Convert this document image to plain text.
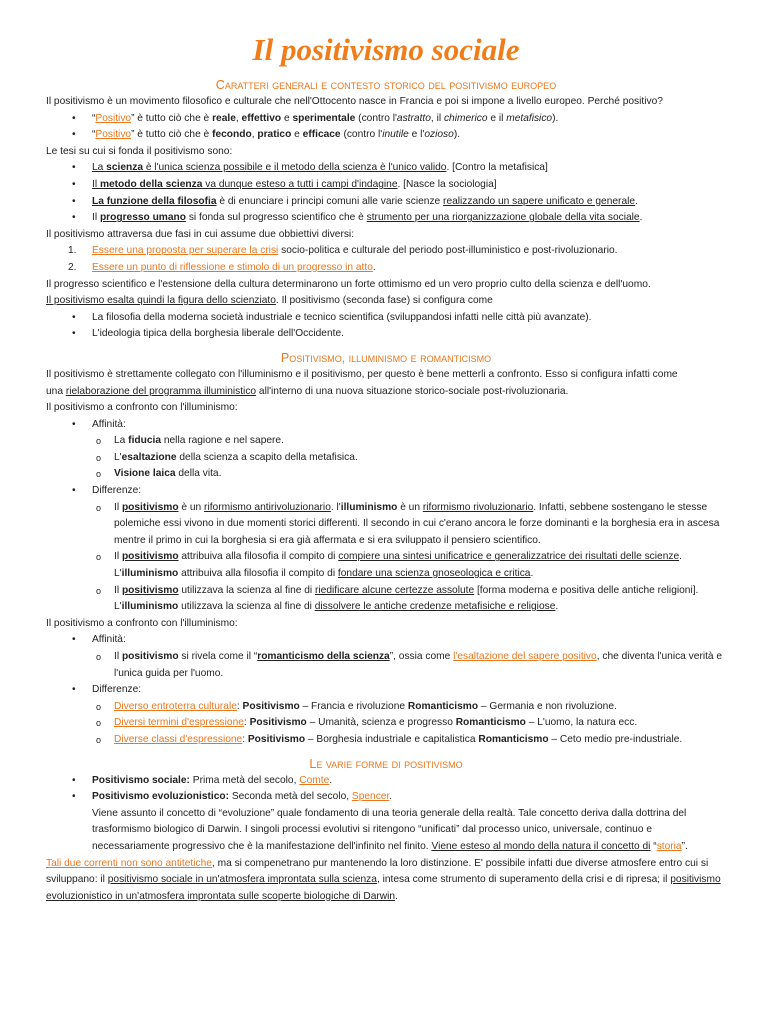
Il positivismo sociale
Caratteri generali e contesto storico del positivismo europeo

Il positivismo è un movimento filosofico e culturale che nell'Ottocento nasce in Francia e poi si impone a livello europeo. Perché positivo?

• “Positivo” è tutto ciò che è reale, effettivo e sperimentale (contro l'astratto, il chimerico e il metafisico).
• “Positivo” è tutto ciò che è fecondo, pratico e efficace (contro l'inutile e l'ozioso).

Le tesi su cui si fonda il positivismo sono:

• La scienza è l'unica scienza possibile e il metodo della scienza è l'unico valido. [Contro la metafisica]
• Il metodo della scienza va dunque esteso a tutti i campi d'indagine. [Nasce la sociologia]
• La funzione della filosofia è di enunciare i principi comuni alle varie scienze realizzando un sapere unificato e generale.
• Il progresso umano si fonda sul progresso scientifico che è strumento per una riorganizzazione globale della vita sociale.

Il positivismo attraversa due fasi in cui assume due obbiettivi diversi:

1. Essere una proposta per superare la crisi socio-politica e culturale del periodo post-illuministico e post-rivoluzionario.
2. Essere un punto di riflessione e stimolo di un progresso in atto.

Il progresso scientifico e l'estensione della cultura determinarono un forte ottimismo ed un vero proprio culto della scienza e dell'uomo.

Il positivismo esalta quindi la figura dello scienziato. Il positivismo (seconda fase) si configura come

• La filosofia della moderna società industriale e tecnico scientifica (sviluppandosi infatti nelle città più avanzate).
• L'ideologia tipica della borghesia liberale dell'Occidente.
Positivismo, illuminismo e romanticismo

Il positivismo è strettamente collegato con l'illuminismo e il positivismo, per questo è bene metterli a confronto. Esso si configura infatti come

una rielaborazione del programma illuministico all'interno di una nuova situazione storico-sociale post-rivoluzionaria.

Il positivismo a confronto con l'illuminismo:

• Affinità:
o La fiducia nella ragione e nel sapere.
o L'esaltazione della scienza a scapito della metafisica.
o Visione laica della vita.
• Differenze:
o Il positivismo è un riformismo antirivoluzionario. l'illuminismo è un riformismo rivoluzionario. Infatti, sebbene sostengano le stesse polemiche essi vivono in due momenti storici differenti. Il secondo in cui c'erano ancora le forze dominanti e la borghesia era in ascesa mentre il primo in cui la borghesia si era già affermata e si era sviluppato il pensiero scientifico.
o Il positivismo attribuiva alla filosofia il compito di compiere una sintesi unificatrice e generalizzatrice dei risultati delle scienze. L'illuminismo attribuiva alla filosofia il compito di fondare una scienza gnoseologica e critica.
o Il positivismo utilizzava la scienza al fine di riedificare alcune certezze assolute [forma moderna e positiva delle antiche religioni]. L'illuminismo utilizzava la scienza al fine di dissolvere le antiche credenze metafisiche e religiose.

Il positivismo a confronto con l'illuminismo:

• Affinità:
o Il positivismo si rivela come il “romanticismo della scienza”, ossia come l'esaltazione del sapere positivo, che diventa l'unica verità e l'unica guida per l'uomo.
• Differenze:
o Diverso entroterra culturale: Positivismo – Francia e rivoluzione Romanticismo – Germania e non rivoluzione.
o Diversi termini d'espressione: Positivismo – Umanità, scienza e progresso Romanticismo – L'uomo, la natura ecc.
o Diverse classi d'espressione: Positivismo – Borghesia industriale e capitalistica Romanticismo – Ceto medio pre-industriale.
Le varie forme di positivismo
• Positivismo sociale: Prima metà del secolo, Comte.
• Positivismo evoluzionistico: Seconda metà del secolo, Spencer.

Viene assunto il concetto di “evoluzione” quale fondamento di una teoria generale della realtà. Tale concetto deriva dalla dottrina del trasformismo biologico di Darwin. I singoli processi evolutivi si ritengono “unificati” dal processo unico, universale, continuo e necessariamente progressivo che è la manifestazione dell'infinito nel finito. Viene esteso al mondo della natura il concetto di “storia”.

Tali due correnti non sono antitetiche, ma si compenetrano pur mantenendo la loro distinzione. E' possibile infatti due diverse atmosfere entro cui si sviluppano: il positivismo sociale in un'atmosfera improntata sulla scienza, intesa come strumento di superamento della crisi e di ripresa; il positivismo evoluzionistico in un'atmosfera improntata sulle scoperte biologiche di Darwin.
